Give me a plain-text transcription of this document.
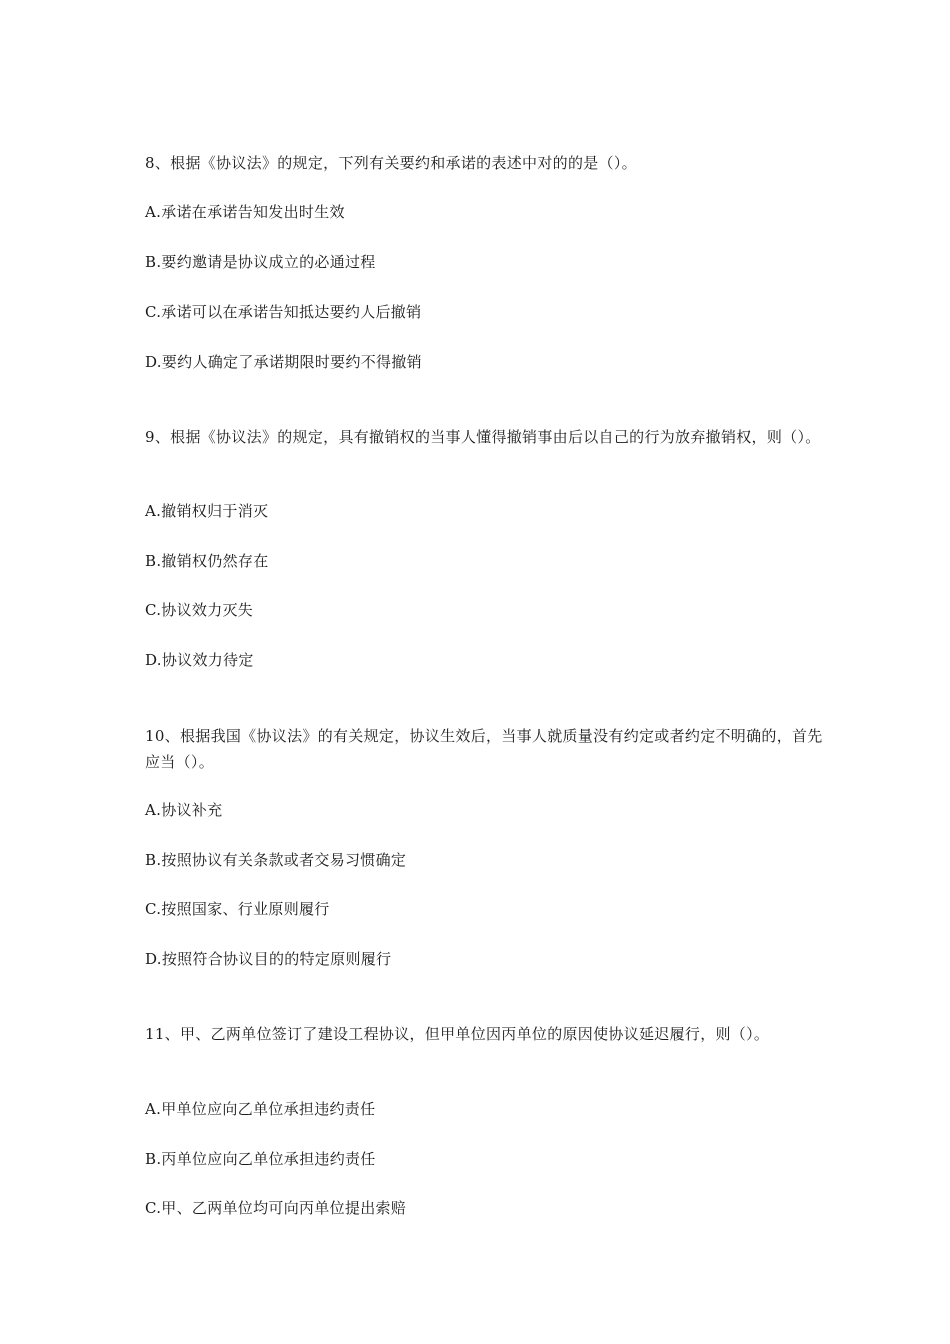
8、根据《协议法》的规定，下列有关要约和承诺的表述中对的的是（）。

A.承诺在承诺告知发出时生效

B.要约邀请是协议成立的必通过程

C.承诺可以在承诺告知抵达要约人后撤销

D.要约人确定了承诺期限时要约不得撤销

9、根据《协议法》的规定，具有撤销权的当事人懂得撤销事由后以自己的行为放弃撤销权，则（）。

A.撤销权归于消灭

B.撤销权仍然存在

C.协议效力灭失

D.协议效力待定

10、根据我国《协议法》的有关规定，协议生效后，当事人就质量没有约定或者约定不明确的，首先应当（）。

A.协议补充

B.按照协议有关条款或者交易习惯确定

C.按照国家、行业原则履行

D.按照符合协议目的的特定原则履行

11、甲、乙两单位签订了建设工程协议，但甲单位因丙单位的原因使协议延迟履行，则（）。

A.甲单位应向乙单位承担违约责任

B.丙单位应向乙单位承担违约责任

C.甲、乙两单位均可向丙单位提出索赔
